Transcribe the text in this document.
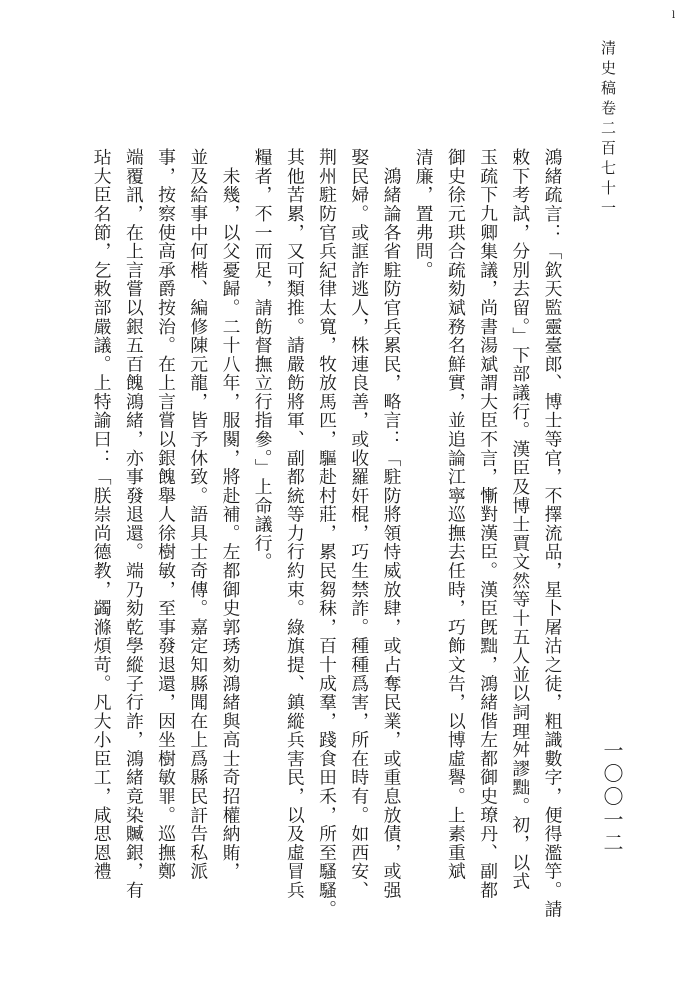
l
清史稿卷二百七十一
一〇〇一二
鴻緒疏言：「欽天監靈臺郎、博士等官，不擇流品，星卜屠沽之徒，粗識數字，便得濫竽。請
敕下考試，分別去留。」下部議行。漢臣及博士賈文然等十五人並以詞理舛謬黜。初，以式
玉疏下九卿集議，尚書湯斌謂大臣不言，慚對漢臣。漢臣旣黜，鴻緒偕左都御史璙丹、副都
御史徐元珙合疏劾斌務名鮮實，並追論江寧巡撫去任時，巧飾文告，以博虛譽。上素重斌
清廉，置弗問。
　鴻緒論各省駐防官兵累民，略言：「駐防將領恃威放肆，或占奪民業，或重息放債，或强
娶民婦。或誆詐逃人，株連良善，或收羅奸棍，巧生禁詐。種種爲害，所在時有。如西安、
荆州駐防官兵紀律太寬，牧放馬匹，驅赴村莊，累民芻秣，百十成羣，踐食田禾，所至騷騷。
其他苦累，又可類推。請嚴飭將軍、副都統等力行約束。綠旗提、鎮縱兵害民，以及虛冒兵
糧者，不一而足，請飭督撫立行指參。」上命議行。
　未幾，以父憂歸。二十八年，服闋，將赴補。左都御史郭琇劾鴻緒與高士奇招權納賄，
並及給事中何楷、編修陳元龍，皆予休致。語具士奇傳。嘉定知縣聞在上爲縣民訐告私派
事，按察使高承爵按治。在上言嘗以銀餽舉人徐樹敏，至事發退還，因坐樹敏罪。巡撫鄭
端覆訊，在上言嘗以銀五百餽鴻緒，亦事發退還。端乃劾乾學縱子行詐，鴻緒竟染贓銀，有
玷大臣名節，乞敕部嚴議。上特諭曰：「朕崇尚德教，蠲滌煩苛。凡大小臣工，咸思恩禮
